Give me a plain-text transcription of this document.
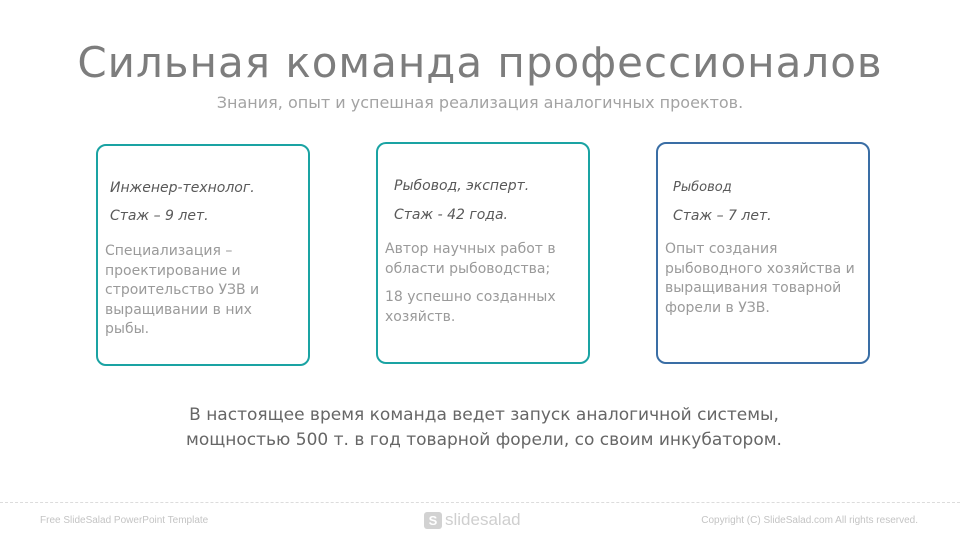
Сильная команда профессионалов
Знания, опыт и успешная реализация аналогичных проектов.
Инженер-технолог.
Стаж – 9 лет.

Специализация – проектирование и строительство УЗВ и выращивании в них рыбы.

Рыбовод, эксперт.
Стаж - 42 года.

Автор научных работ в области рыбоводства;

18 успешно созданных хозяйств.

Рыбовод
Стаж – 7 лет.

Опыт создания рыбоводного хозяйства и выращивания товарной форели в УЗВ.

В настоящее время команда ведет запуск аналогичной системы,
мощностью 500 т. в год товарной форели, со своим инкубатором.
Free SlideSalad PowerPoint Template	S slidesalad	Copyright (C) SlideSalad.com All rights reserved.
